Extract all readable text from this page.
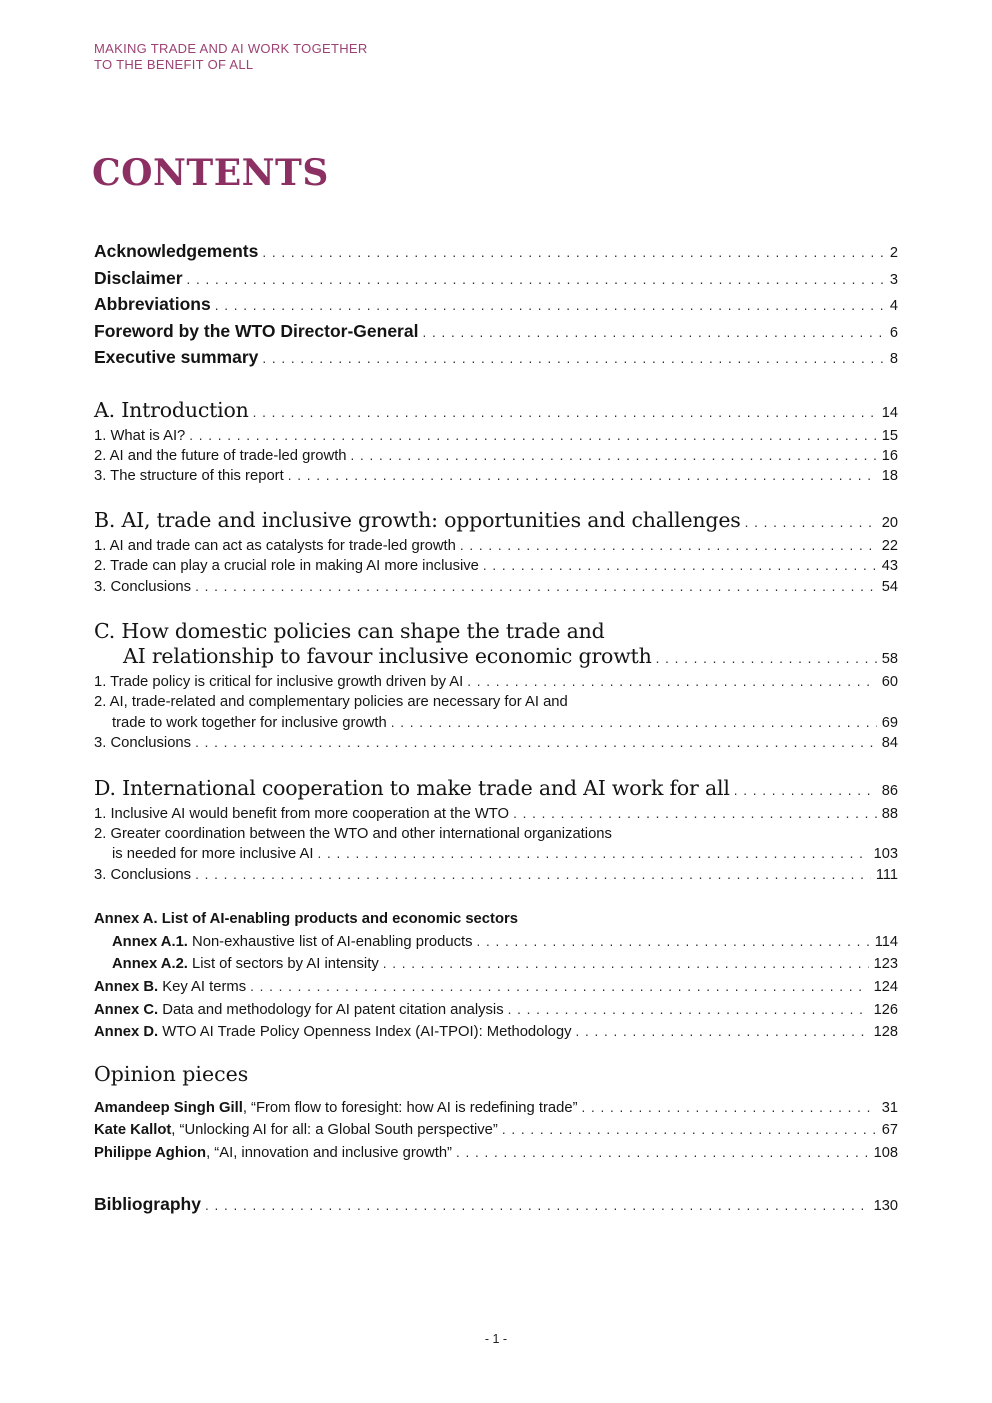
MAKING TRADE AND AI WORK TOGETHER
TO THE BENEFIT OF ALL
CONTENTS
Acknowledgements . . .	2
Disclaimer . . .	3
Abbreviations . . .	4
Foreword by the WTO Director-General . . .	6
Executive summary . . .	8
A. Introduction . . .	14
1. What is AI? . . .	15
2. AI and the future of trade-led growth . . .	16
3. The structure of this report . . .	18
B. AI, trade and inclusive growth: opportunities and challenges . . .	20
1. AI and trade can act as catalysts for trade-led growth . . .	22
2. Trade can play a crucial role in making AI more inclusive . . .	43
3. Conclusions . . .	54
C. How domestic policies can shape the trade and
AI relationship to favour inclusive economic growth . . .	58
1. Trade policy is critical for inclusive growth driven by AI . . .	60
2. AI, trade-related and complementary policies are necessary for AI and
trade to work together for inclusive growth . . .	69
3. Conclusions . . .	84
D. International cooperation to make trade and AI work for all . . .	86
1. Inclusive AI would benefit from more cooperation at the WTO . . .	88
2. Greater coordination between the WTO and other international organizations
is needed for more inclusive AI . . .	103
3. Conclusions . . .	111
Annex A. List of AI-enabling products and economic sectors
Annex A.1. Non-exhaustive list of AI-enabling products . . .	114
Annex A.2. List of sectors by AI intensity . . .	123
Annex B. Key AI terms . . .	124
Annex C. Data and methodology for AI patent citation analysis . . .	126
Annex D. WTO AI Trade Policy Openness Index (AI-TPOI): Methodology . . .	128
Opinion pieces
Amandeep Singh Gill, “From flow to foresight: how AI is redefining trade” . . .	31
Kate Kallot, “Unlocking AI for all: a Global South perspective” . . .	67
Philippe Aghion, “AI, innovation and inclusive growth” . . .	108
Bibliography . . .	130
- 1 -
